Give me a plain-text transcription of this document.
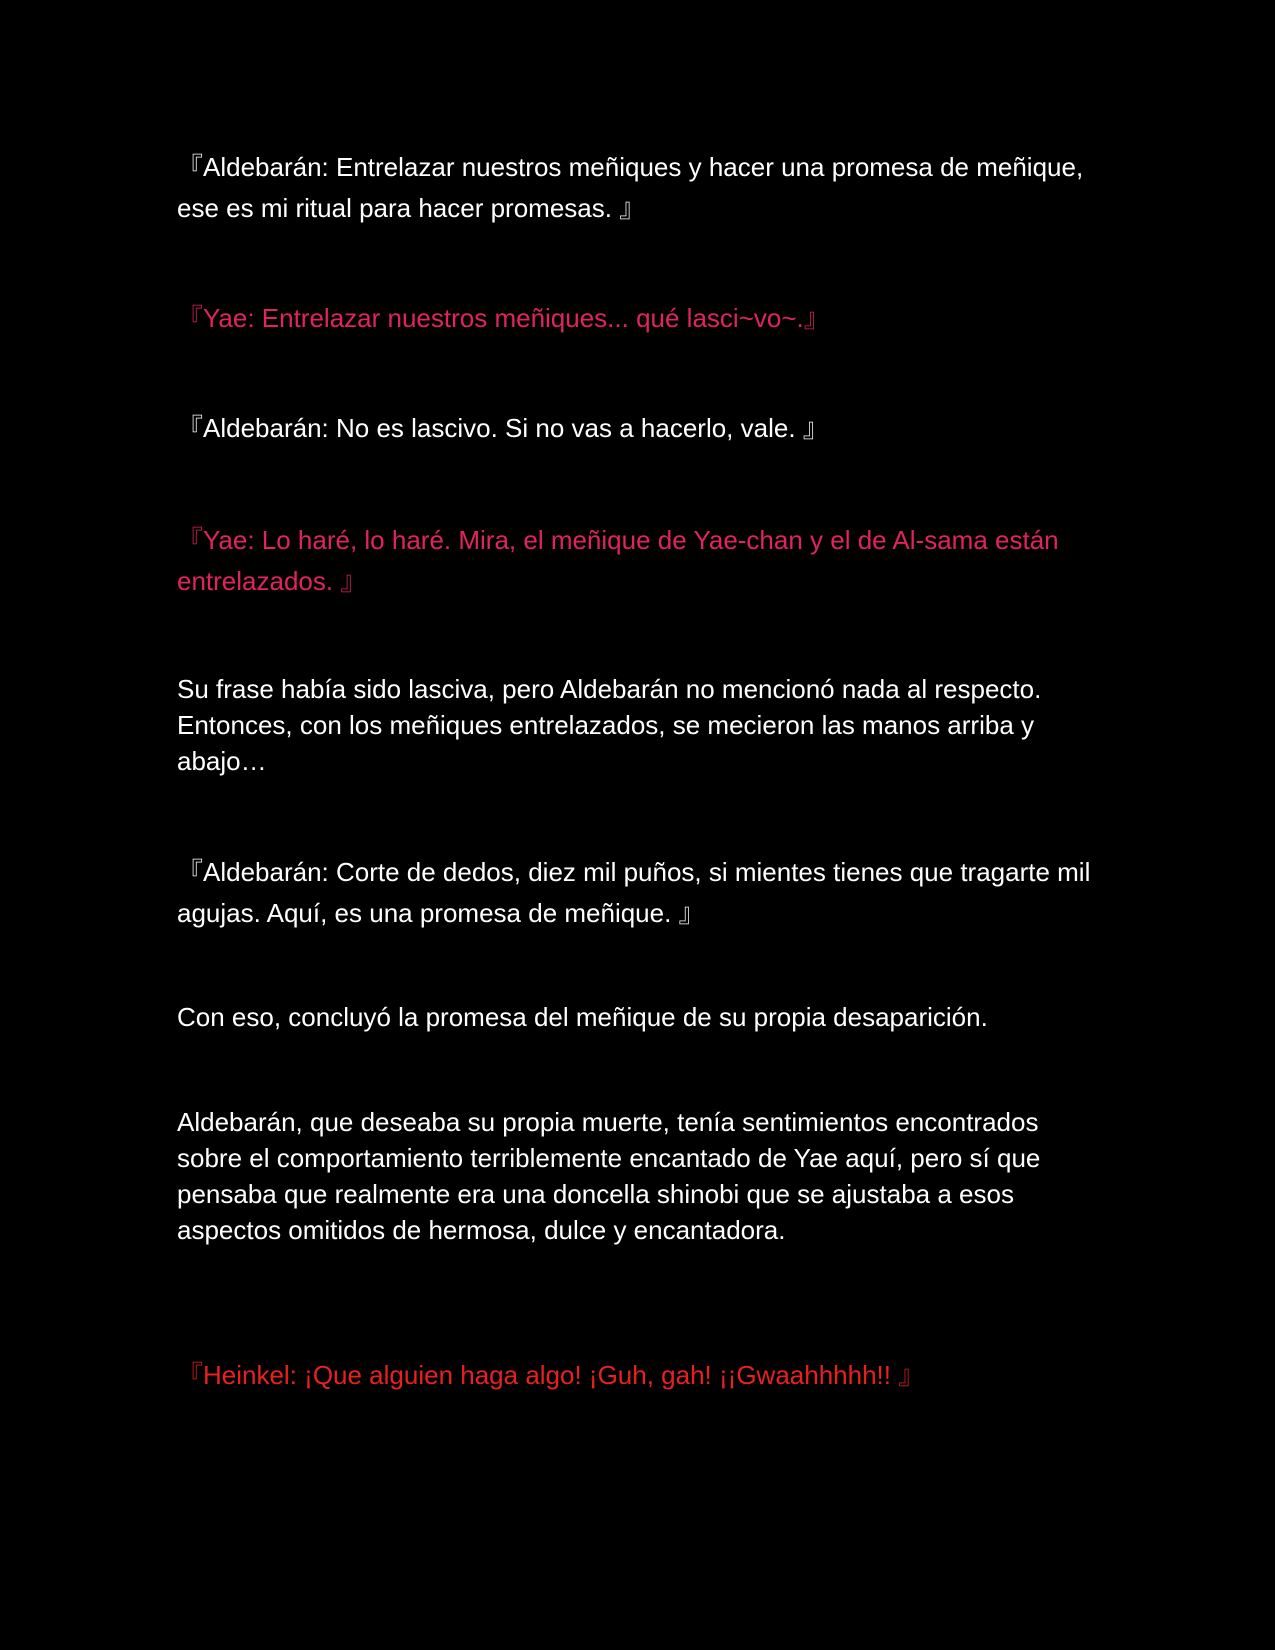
『Aldebarán: Entrelazar nuestros meñiques y hacer una promesa de meñique, ese es mi ritual para hacer promesas. 』

『Yae: Entrelazar nuestros meñiques... qué lasci~vo~.』

『Aldebarán: No es lascivo. Si no vas a hacerlo, vale. 』

『Yae: Lo haré, lo haré. Mira, el meñique de Yae-chan y el de Al-sama están entrelazados. 』

Su frase había sido lasciva, pero Aldebarán no mencionó nada al respecto. Entonces, con los meñiques entrelazados, se mecieron las manos arriba y abajo…

『Aldebarán: Corte de dedos, diez mil puños, si mientes tienes que tragarte mil agujas. Aquí, es una promesa de meñique. 』

Con eso, concluyó la promesa del meñique de su propia desaparición.

Aldebarán, que deseaba su propia muerte, tenía sentimientos encontrados sobre el comportamiento terriblemente encantado de Yae aquí, pero sí que pensaba que realmente era una doncella shinobi que se ajustaba a esos aspectos omitidos de hermosa, dulce y encantadora.

『Heinkel: ¡Que alguien haga algo! ¡Guh, gah! ¡¡Gwaahhhhh!! 』
